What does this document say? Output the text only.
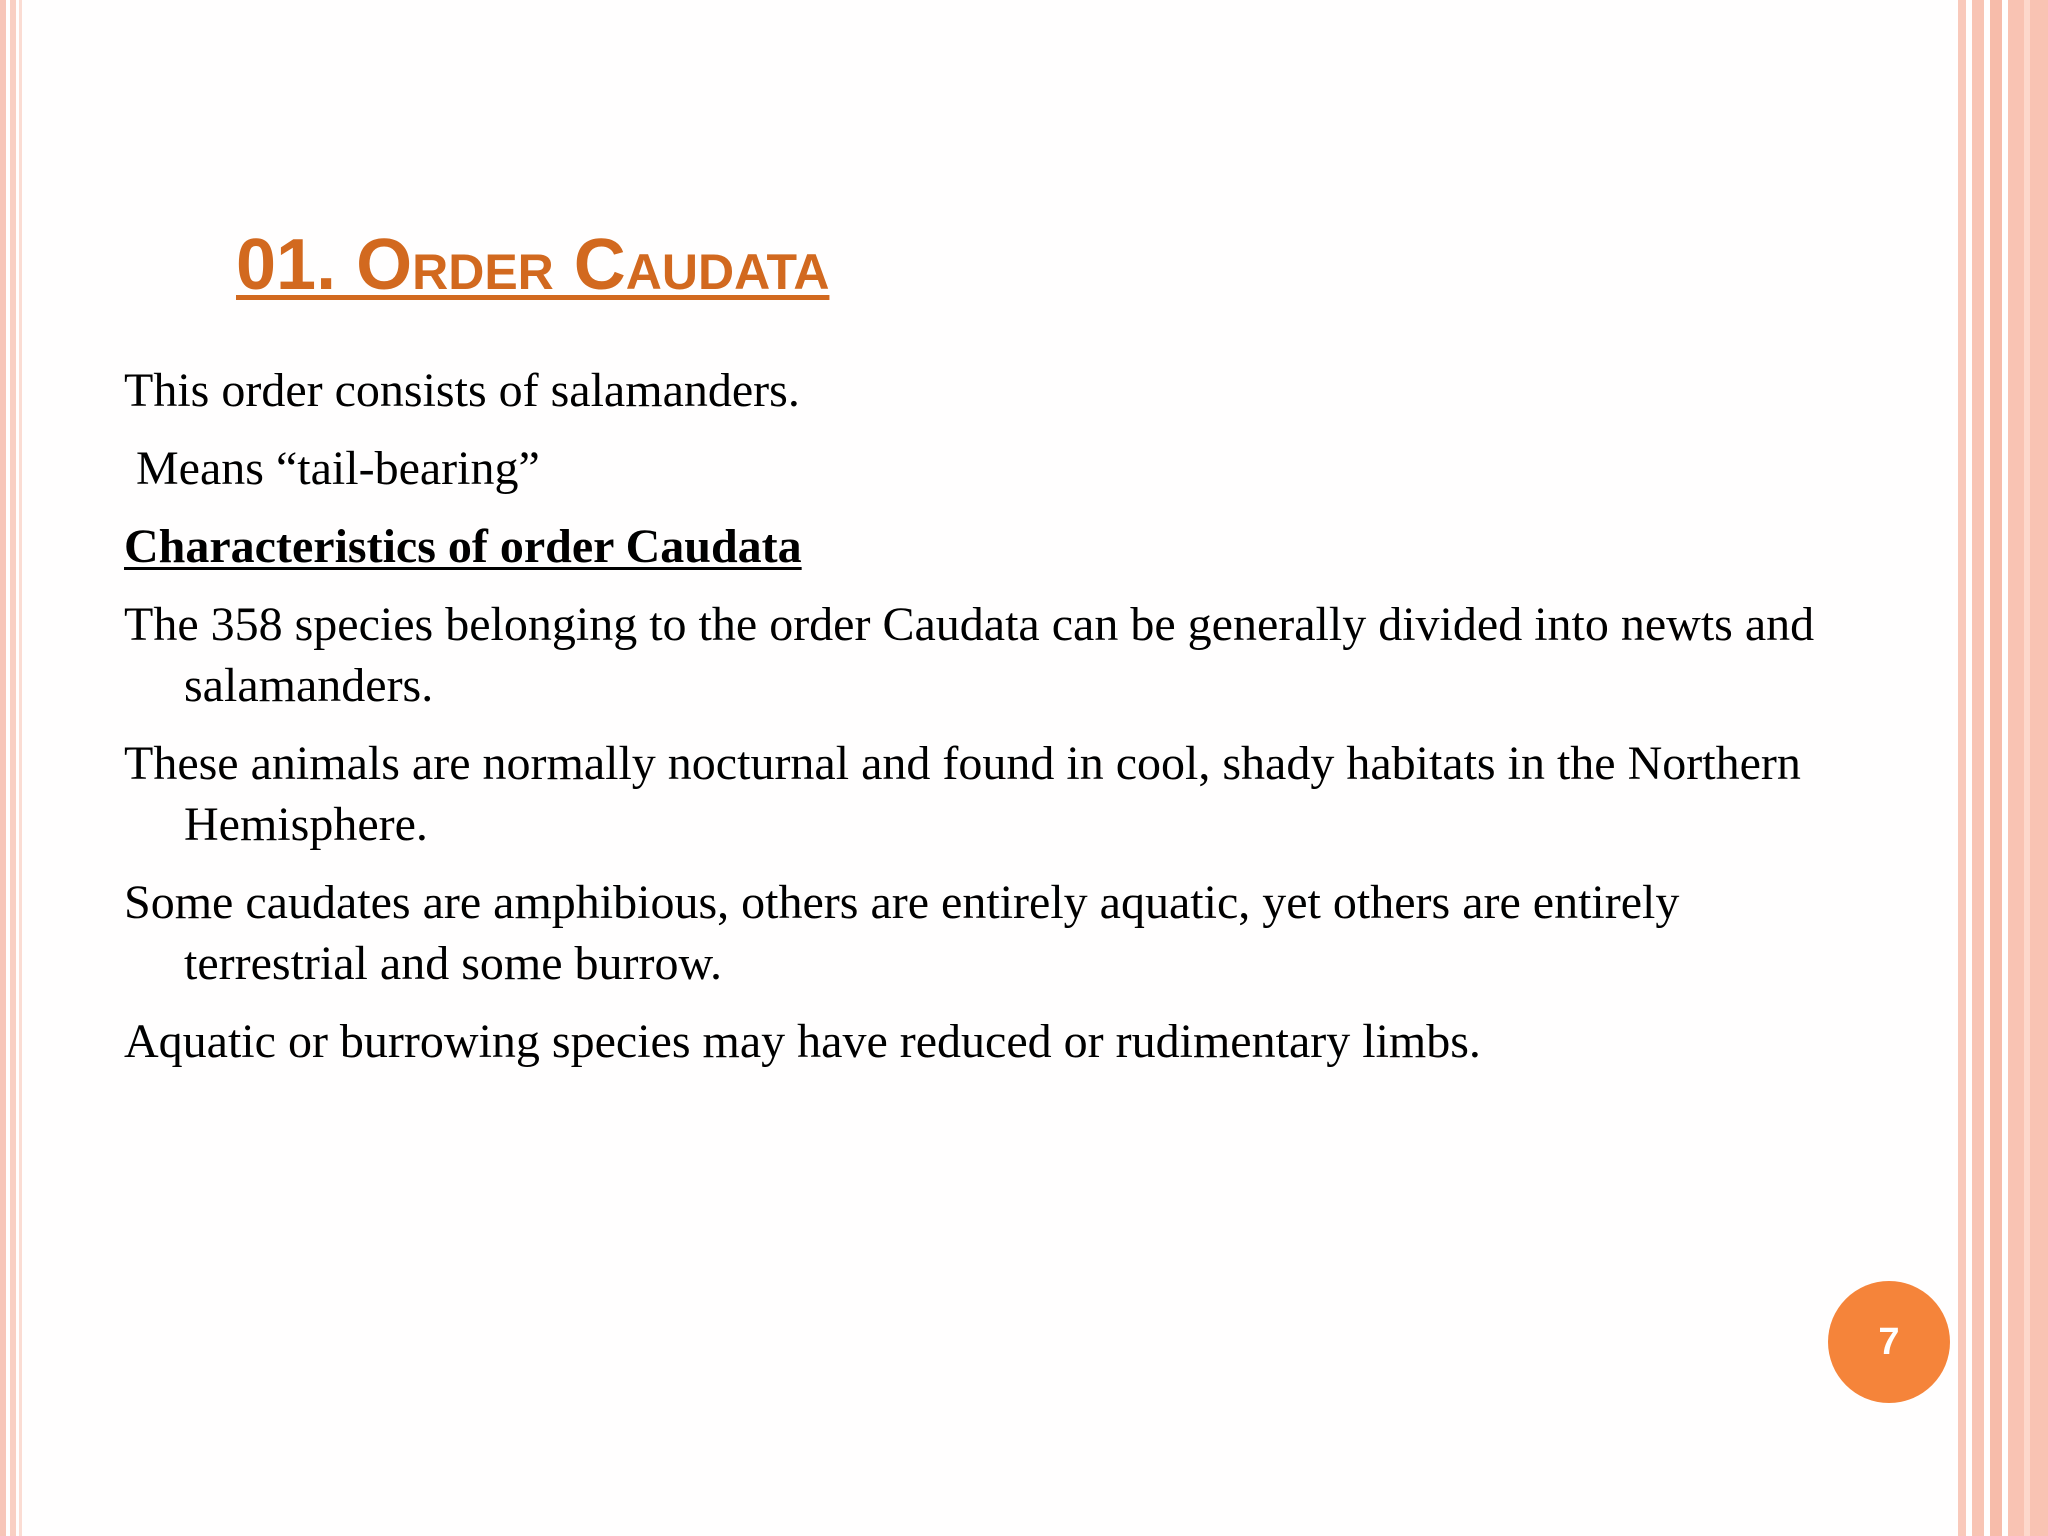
01. Order Caudata

This order consists of salamanders.

Means “tail-bearing”

Characteristics of order Caudata

The 358 species belonging to the order Caudata can be generally divided into newts and salamanders.

These animals are normally nocturnal and found in cool, shady habitats in the Northern Hemisphere.

Some caudates are amphibious, others are entirely aquatic, yet others are entirely terrestrial and some burrow.

Aquatic or burrowing species may have reduced or rudimentary limbs.

7
